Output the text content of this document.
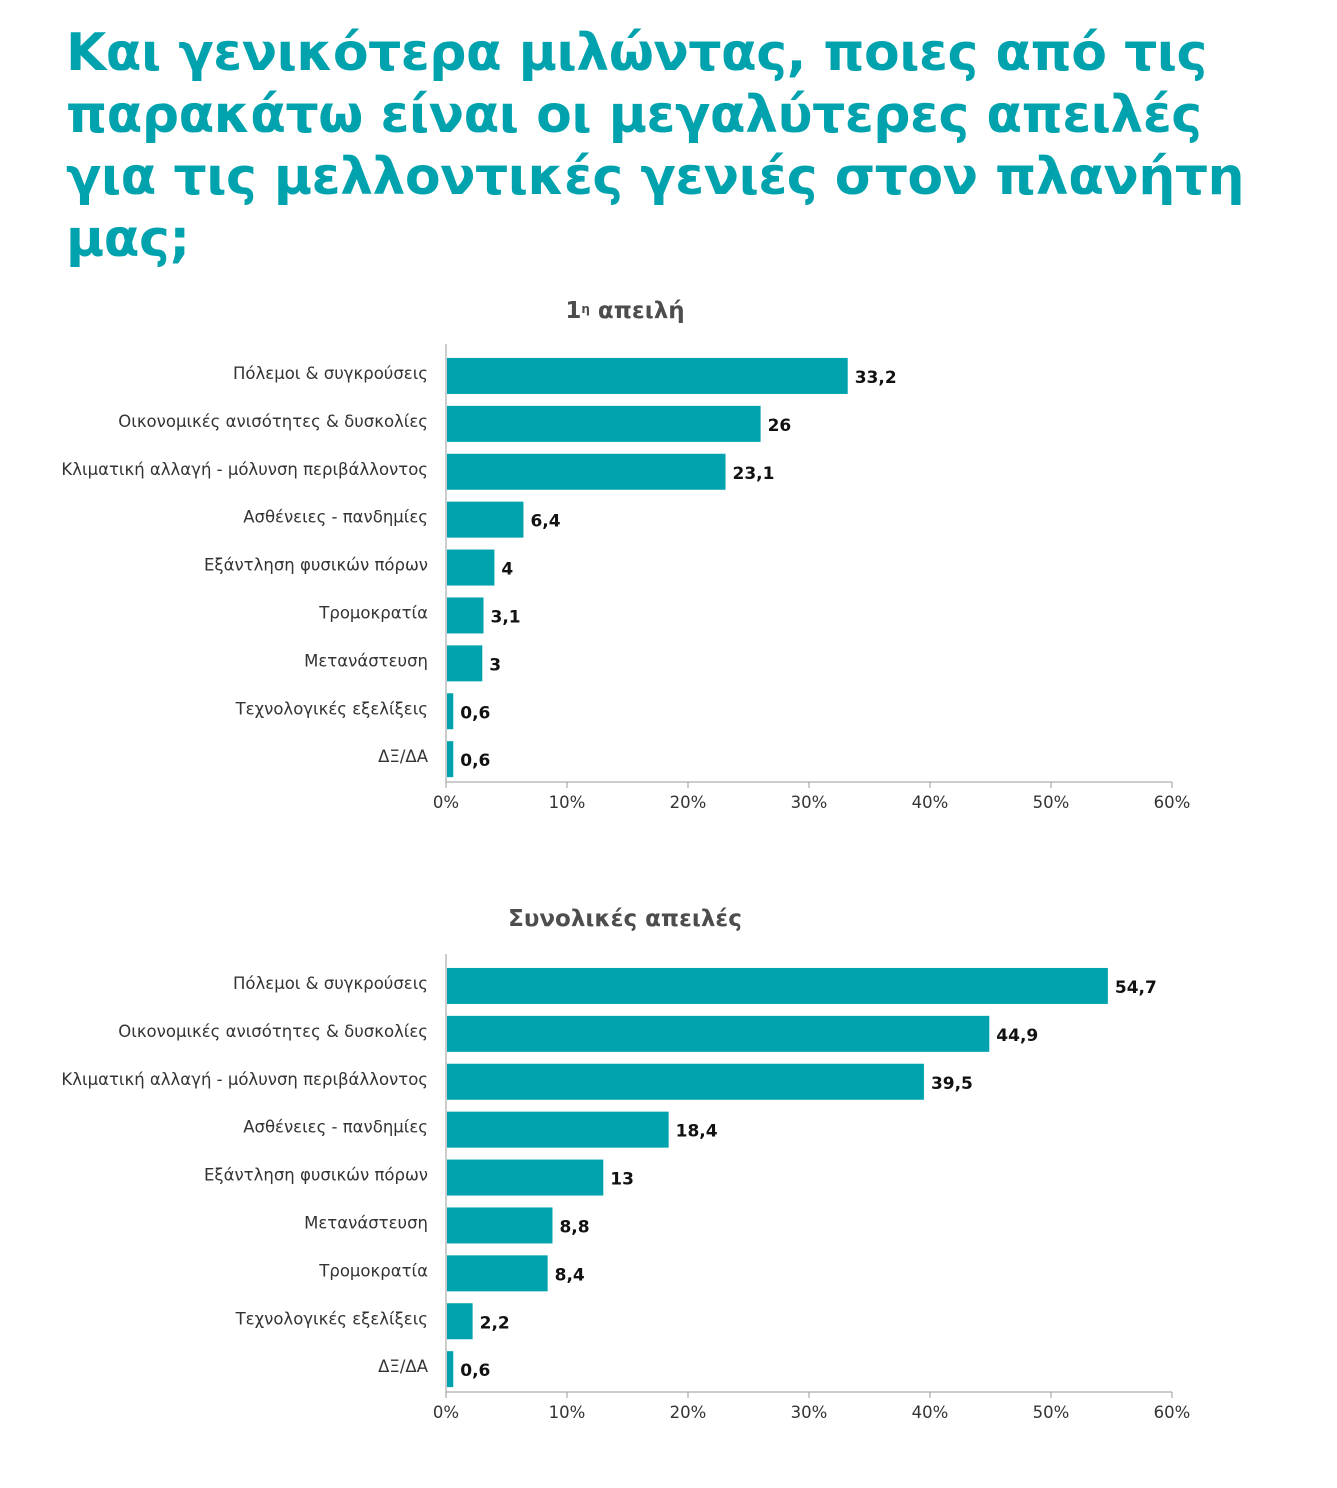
Και γενικότερα μιλώντας, ποιες από τις παρακάτω είναι οι μεγαλύτερες απειλές για τις μελλοντικές γενιές στον πλανήτη μας;
1η απειλή
Πόλεμοι & συγκρούσεις	33,2
Οικονομικές ανισότητες & δυσκολίες	26
Κλιματική αλλαγή - μόλυνση περιβάλλοντος	23,1
Ασθένειες - πανδημίες	6,4
Εξάντληση φυσικών πόρων	4
Τρομοκρατία	3,1
Μετανάστευση	3
Τεχνολογικές εξελίξεις 0,6
ΔΞ/ΔΑ 0,6
0%	10%	20%	30%	40%	50%	60%
Συνολικές απειλές
Πόλεμοι & συγκρούσεις	54,7
Οικονομικές ανισότητες & δυσκολίες	44,9
Κλιματική αλλαγή - μόλυνση περιβάλλοντος	39,5
Ασθένειες - πανδημίες	18,4
Εξάντληση φυσικών πόρων	13
Μετανάστευση	8,8
Τρομοκρατία	8,4
Τεχνολογικές εξελίξεις	2,2
ΔΞ/ΔΑ 0,6
0%	10%	20%	30%	40%	50%	60%
